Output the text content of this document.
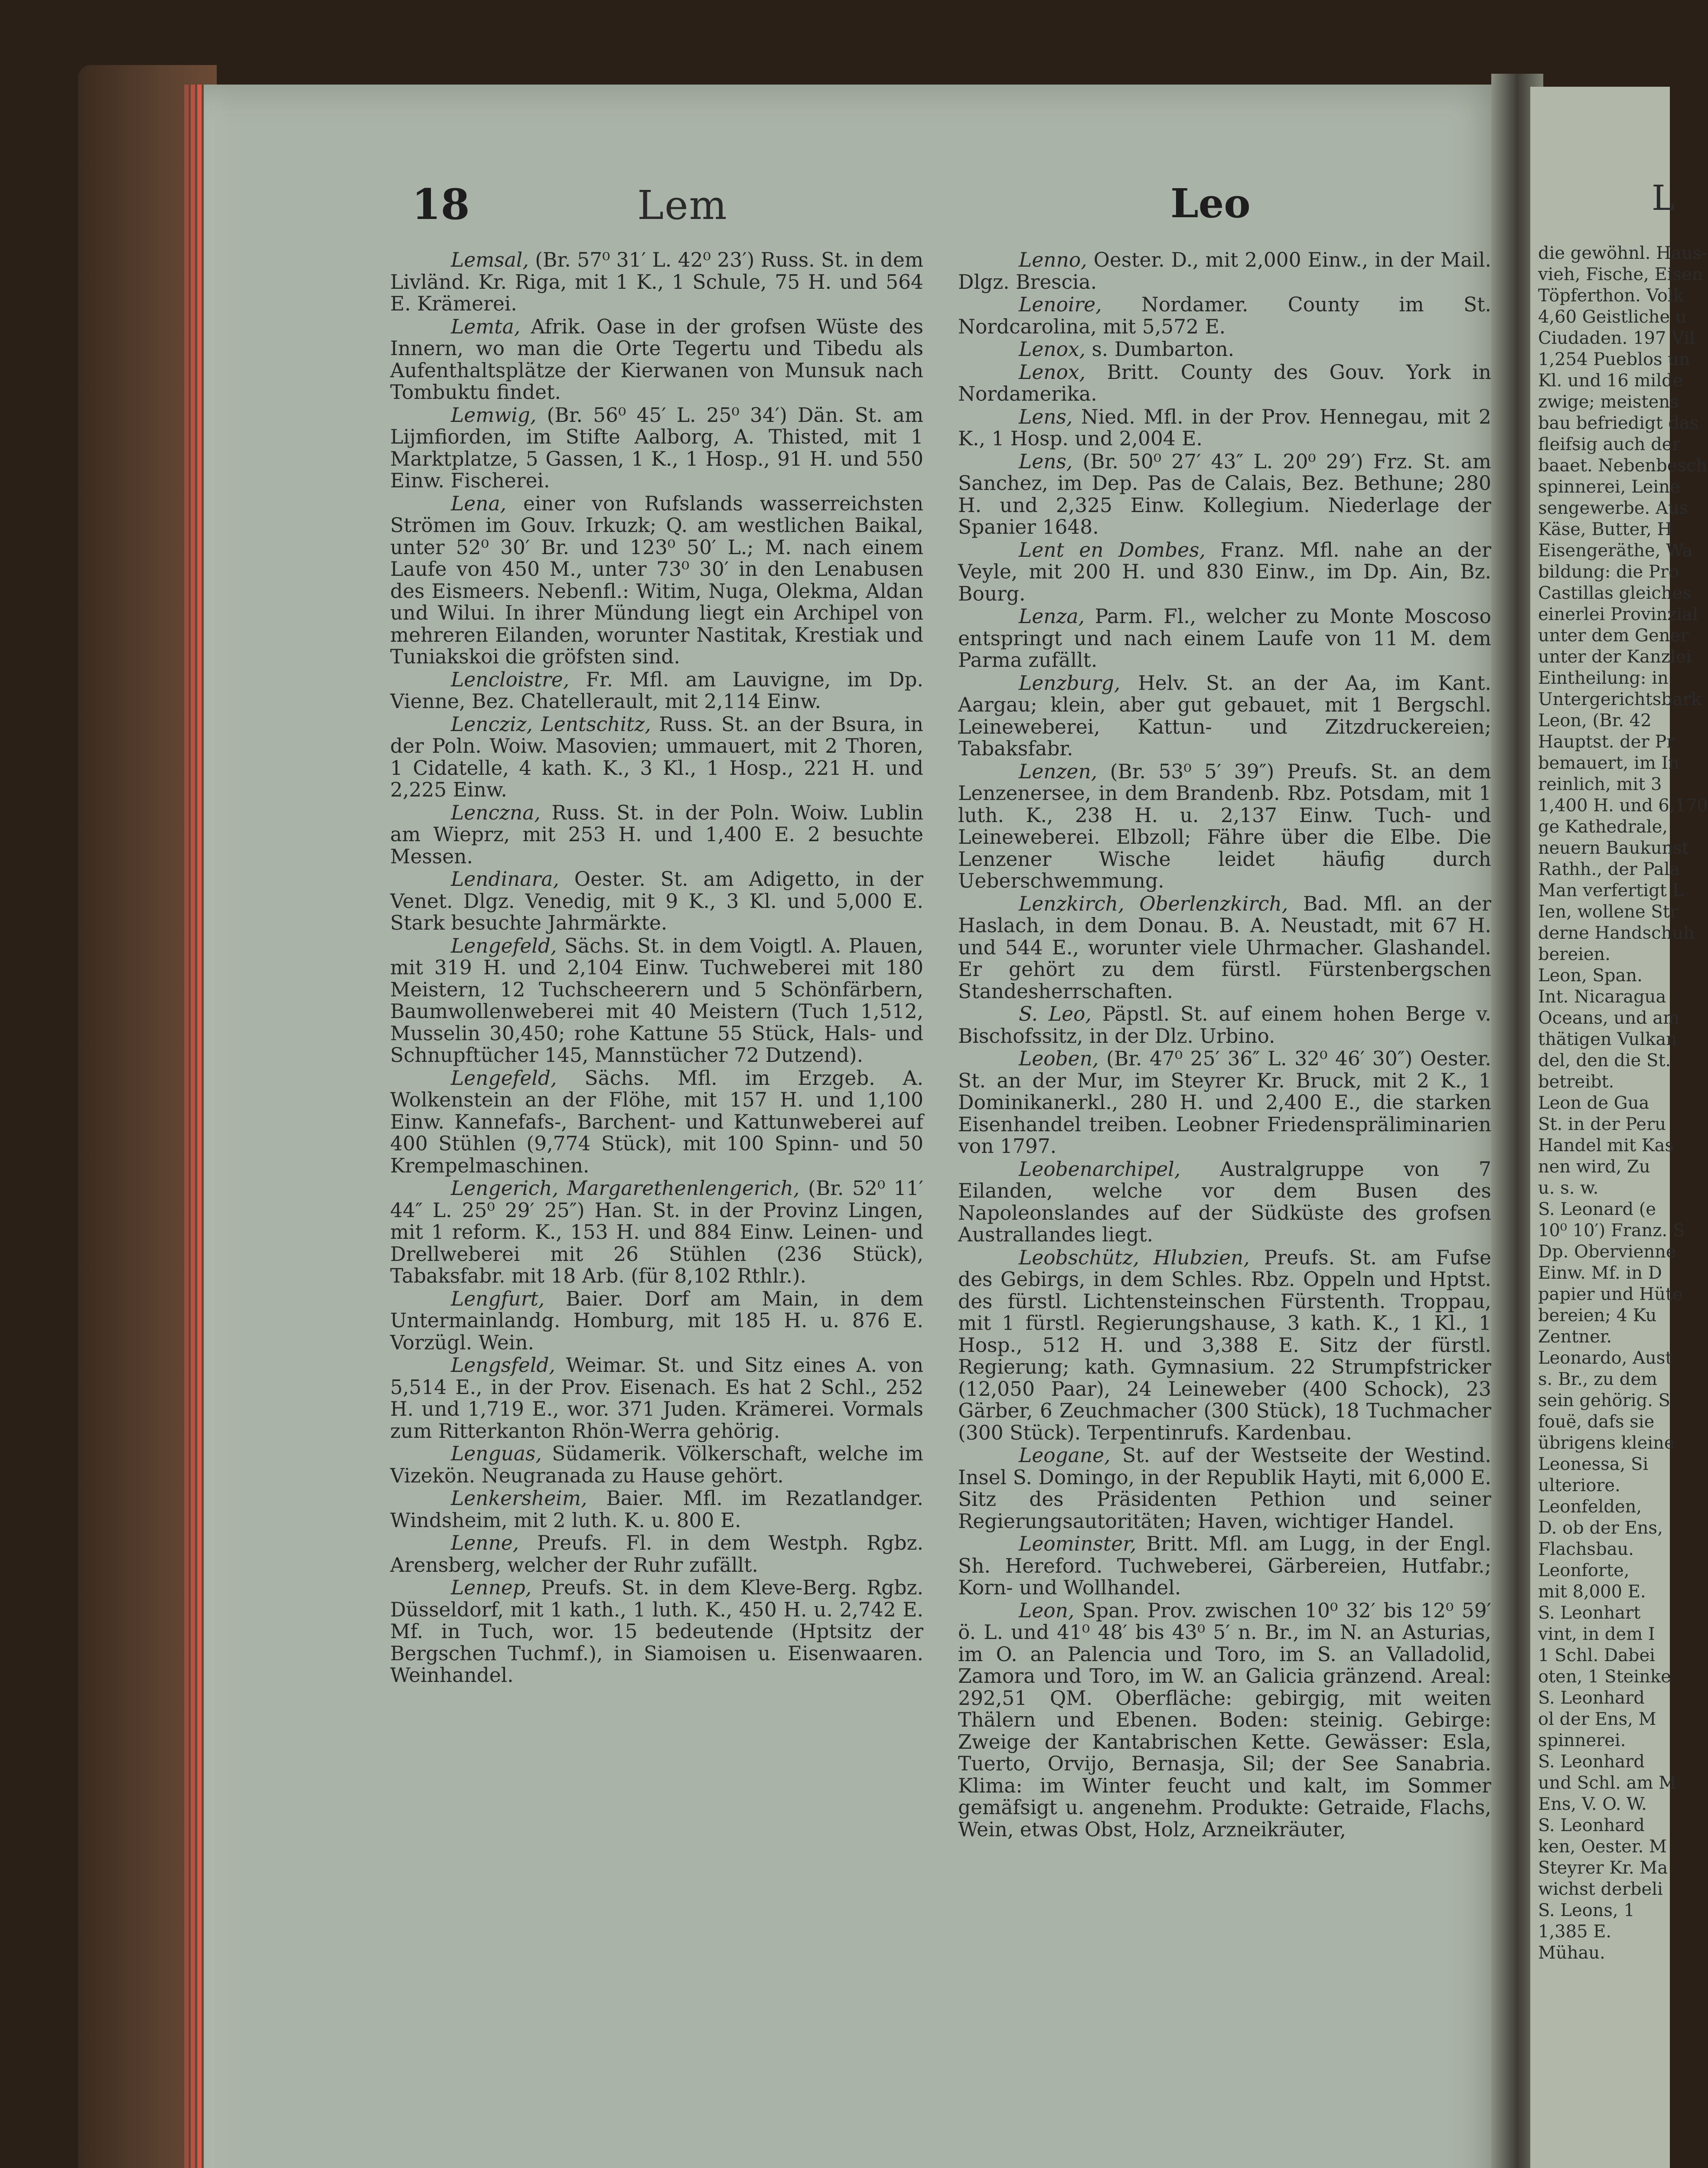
18	Lem	Leo	L

Lemsal, (Br. 57⁰ 31′ L. 42⁰ 23′) Russ. St. in dem Livländ. Kr. Riga, mit 1 K., 1 Schule, 75 H. und 564 E. Krämerei.

Lemta, Afrik. Oase in der grofsen Wüste des Innern, wo man die Orte Tegertu und Tibedu als Aufenthaltsplätze der Kierwanen von Munsuk nach Tombuktu findet.

Lemwig, (Br. 56⁰ 45′ L. 25⁰ 34′) Dän. St. am Lijmfiorden, im Stifte Aalborg, A. Thisted, mit 1 Marktplatze, 5 Gassen, 1 K., 1 Hosp., 91 H. und 550 Einw. Fischerei.

Lena, einer von Rufslands wasserreichsten Strömen im Gouv. Irkuzk; Q. am westlichen Baikal, unter 52⁰ 30′ Br. und 123⁰ 50′ L.; M. nach einem Laufe von 450 M., unter 73⁰ 30′ in den Lenabusen des Eismeers. Nebenfl.: Witim, Nuga, Olekma, Aldan und Wilui. In ihrer Mündung liegt ein Archipel von mehreren Eilanden, worunter Nastitak, Krestiak und Tuniakskoi die gröfsten sind.

Lencloistre, Fr. Mfl. am Lauvigne, im Dp. Vienne, Bez. Chatellerault, mit 2,114 Einw.

Lencziz, Lentschitz, Russ. St. an der Bsura, in der Poln. Woiw. Masovien; ummauert, mit 2 Thoren, 1 Cidatelle, 4 kath. K., 3 Kl., 1 Hosp., 221 H. und 2,225 Einw.

Lenczna, Russ. St. in der Poln. Woiw. Lublin am Wieprz, mit 253 H. und 1,400 E. 2 besuchte Messen.

Lendinara, Oester. St. am Adigetto, in der Venet. Dlgz. Venedig, mit 9 K., 3 Kl. und 5,000 E. Stark besuchte Jahrmärkte.

Lengefeld, Sächs. St. in dem Voigtl. A. Plauen, mit 319 H. und 2,104 Einw. Tuchweberei mit 180 Meistern, 12 Tuchscheerern und 5 Schönfärbern, Baumwollenweberei mit 40 Meistern (Tuch 1,512, Musselin 30,450; rohe Kattune 55 Stück, Hals- und Schnupftücher 145, Mannstücher 72 Dutzend).

Lengefeld, Sächs. Mfl. im Erzgeb. A. Wolkenstein an der Flöhe, mit 157 H. und 1,100 Einw. Kannefafs-, Barchent- und Kattunweberei auf 400 Stühlen (9,774 Stück), mit 100 Spinn- und 50 Krempelmaschinen.

Lengerich, Margarethenlengerich, (Br. 52⁰ 11′ 44″ L. 25⁰ 29′ 25″) Han. St. in der Provinz Lingen, mit 1 reform. K., 153 H. und 884 Einw. Leinen- und Drellweberei mit 26 Stühlen (236 Stück), Tabaksfabr. mit 18 Arb. (für 8,102 Rthlr.).

Lengfurt, Baier. Dorf am Main, in dem Untermainlandg. Homburg, mit 185 H. u. 876 E. Vorzügl. Wein.

Lengsfeld, Weimar. St. und Sitz eines A. von 5,514 E., in der Prov. Eisenach. Es hat 2 Schl., 252 H. und 1,719 E., wor. 371 Juden. Krämerei. Vormals zum Ritterkanton Rhön-Werra gehörig.

Lenguas, Südamerik. Völkerschaft, welche im Vizekön. Neugranada zu Hause gehört.

Lenkersheim, Baier. Mfl. im Rezatlandger. Windsheim, mit 2 luth. K. u. 800 E.

Lenne, Preufs. Fl. in dem Westph. Rgbz. Arensberg, welcher der Ruhr zufällt.

Lennep, Preufs. St. in dem Kleve-Berg. Rgbz. Düsseldorf, mit 1 kath., 1 luth. K., 450 H. u. 2,742 E. Mf. in Tuch, wor. 15 bedeutende (Hptsitz der Bergschen Tuchmf.), in Siamoisen u. Eisenwaaren. Weinhandel.

Lenno, Oester. D., mit 2,000 Einw., in der Mail. Dlgz. Brescia.

Lenoire, Nordamer. County im St. Nordcarolina, mit 5,572 E.

Lenox, s. Dumbarton.

Lenox, Britt. County des Gouv. York in Nordamerika.

Lens, Nied. Mfl. in der Prov. Hennegau, mit 2 K., 1 Hosp. und 2,004 E.

Lens, (Br. 50⁰ 27′ 43″ L. 20⁰ 29′) Frz. St. am Sanchez, im Dep. Pas de Calais, Bez. Bethune; 280 H. und 2,325 Einw. Kollegium. Niederlage der Spanier 1648.

Lent en Dombes, Franz. Mfl. nahe an der Veyle, mit 200 H. und 830 Einw., im Dp. Ain, Bz. Bourg.

Lenza, Parm. Fl., welcher zu Monte Moscoso entspringt und nach einem Laufe von 11 M. dem Parma zufällt.

Lenzburg, Helv. St. an der Aa, im Kant. Aargau; klein, aber gut gebauet, mit 1 Bergschl. Leineweberei, Kattun- und Zitzdruckereien; Tabaksfabr.

Lenzen, (Br. 53⁰ 5′ 39″) Preufs. St. an dem Lenzenersee, in dem Brandenb. Rbz. Potsdam, mit 1 luth. K., 238 H. u. 2,137 Einw. Tuch- und Leineweberei. Elbzoll; Fähre über die Elbe. Die Lenzener Wische leidet häufig durch Ueberschwemmung.

Lenzkirch, Oberlenzkirch, Bad. Mfl. an der Haslach, in dem Donau. B. A. Neustadt, mit 67 H. und 544 E., worunter viele Uhrmacher. Glashandel. Er gehört zu dem fürstl. Fürstenbergschen Standesherrschaften.

S. Leo, Päpstl. St. auf einem hohen Berge v. Bischofssitz, in der Dlz. Urbino.

Leoben, (Br. 47⁰ 25′ 36″ L. 32⁰ 46′ 30″) Oester. St. an der Mur, im Steyrer Kr. Bruck, mit 2 K., 1 Dominikanerkl., 280 H. und 2,400 E., die starken Eisenhandel treiben. Leobner Friedenspräliminarien von 1797.

Leobenarchipel, Australgruppe von 7 Eilanden, welche vor dem Busen des Napoleonslandes auf der Südküste des grofsen Australlandes liegt.

Leobschütz, Hlubzien, Preufs. St. am Fufse des Gebirgs, in dem Schles. Rbz. Oppeln und Hptst. des fürstl. Lichtensteinschen Fürstenth. Troppau, mit 1 fürstl. Regierungshause, 3 kath. K., 1 Kl., 1 Hosp., 512 H. und 3,388 E. Sitz der fürstl. Regierung; kath. Gymnasium. 22 Strumpfstricker (12,050 Paar), 24 Leineweber (400 Schock), 23 Gärber, 6 Zeuchmacher (300 Stück), 18 Tuchmacher (300 Stück). Terpentinrufs. Kardenbau.

Leogane, St. auf der Westseite der Westind. Insel S. Domingo, in der Republik Hayti, mit 6,000 E. Sitz des Präsidenten Pethion und seiner Regierungsautoritäten; Haven, wichtiger Handel.

Leominster, Britt. Mfl. am Lugg, in der Engl. Sh. Hereford. Tuchweberei, Gärbereien, Hutfabr.; Korn- und Wollhandel.

Leon, Span. Prov. zwischen 10⁰ 32′ bis 12⁰ 59′ ö. L. und 41⁰ 48′ bis 43⁰ 5′ n. Br., im N. an Asturias, im O. an Palencia und Toro, im S. an Valladolid, Zamora und Toro, im W. an Galicia gränzend. Areal: 292,51 QM. Oberfläche: gebirgig, mit weiten Thälern und Ebenen. Boden: steinig. Gebirge: Zweige der Kantabrischen Kette. Gewässer: Esla, Tuerto, Orvijo, Bernasja, Sil; der See Sanabria. Klima: im Winter feucht und kalt, im Sommer gemäfsigt u. angenehm. Produkte: Getraide, Flachs, Wein, etwas Obst, Holz, Arzneikräuter,

die gewöhnl. Haus-
vieh, Fische, Eisen
Töpferthon. Volk
4,60 Geistliche u
Ciudaden. 197 Vil
1,254 Pueblos un
Kl. und 16 milde
zwige; meistens
bau befriedigt das
fleifsig auch der
baaet. Nebenbesch
spinnerei, Leine
sengewerbe. Aus
Käse, Butter, H
Eisengeräthe, Wa
bildung: die Pro
Castillas gleiches
einerlei Provinzial
unter dem Gener
unter der Kanzlei
Eintheilung: in
Untergerichtsbark
Leon, (Br. 42
Hauptst. der Pr
bemauert, im In
reinlich, mit 3
1,400 H. und 6,170
ge Kathedrale,
neuern Baukunst
Rathh., der Pala
Man verfertigt L
Ien, wollene Str
derne Handschuh
bereien.
Leon, Span.
Int. Nicaragua
Oceans, und am
thätigen Vulkan
del, den die St.
betreibt.
Leon de Gua
St. in der Peru
Handel mit Kas
nen wird, Zu
u. s. w.
S. Leonard (e
10⁰ 10′) Franz. S
Dp. Obervienne
Einw. Mf. in D
papier und Hüte
bereien; 4 Ku
Zentner.
Leonardo, Aust
s. Br., zu dem
sein gehörig. S
fouë, dafs sie
übrigens kleine
Leonessa, Si
ulteriore.
Leonfelden,
D. ob der Ens,
Flachsbau.
Leonforte,
mit 8,000 E.
S. Leonhart
vint, in dem I
1 Schl. Dabei
oten, 1 Steinke
S. Leonhard
ol der Ens, M
spinnerei.
S. Leonhard
und Schl. am M
Ens, V. O. W.
S. Leonhard
ken, Oester. M
Steyrer Kr. Ma
wichst derbeli
S. Leons, 1
1,385 E.
Mühau.
